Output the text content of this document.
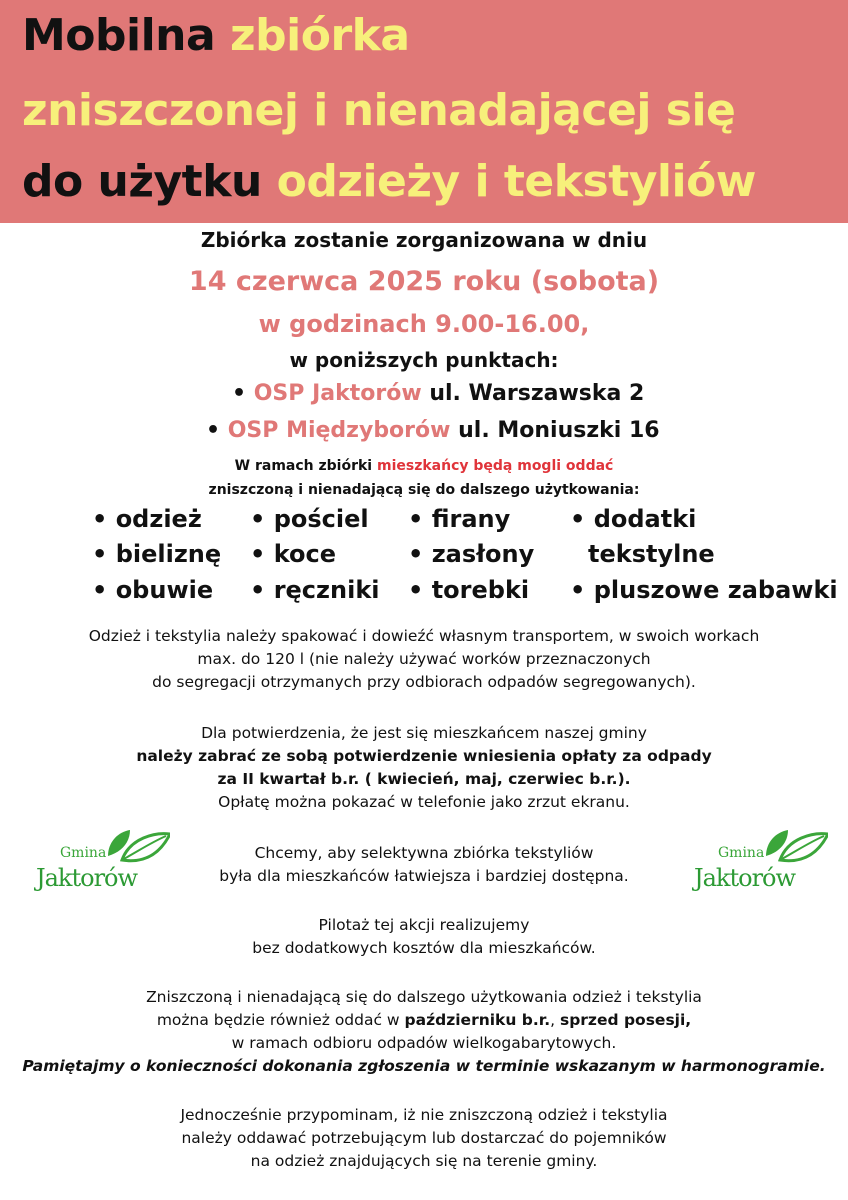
Mobilna zbiórka
zniszczonej i nienadającej się
do użytku odzieży i tekstyliów
Zbiórka zostanie zorganizowana w dniu
14 czerwca 2025 roku (sobota)
w godzinach 9.00-16.00,
w poniższych punktach:
• OSP Jaktorów ul. Warszawska 2
• OSP Międzyborów ul. Moniuszki 16
W ramach zbiórki mieszkańcy będą mogli oddać
zniszczoną i nienadającą się do dalszego użytkowania:
• odzież • pościel • firany • dodatki
tekstylne
• bieliznę • koce	• zasłony
• obuwie • ręczniki • torebki • pluszowe zabawki
Odzież i tekstylia należy spakować i dowieźć własnym transportem, w swoich workach
max. do 120 l (nie należy używać worków przeznaczonych
do segregacji otrzymanych przy odbiorach odpadów segregowanych).
Dla potwierdzenia, że jest się mieszkańcem naszej gminy
należy zabrać ze sobą potwierdzenie wniesienia opłaty za odpady
za II kwartał b.r. ( kwiecień, maj, czerwiec b.r.).
Opłatę można pokazać w telefonie jako zrzut ekranu.
Chcemy, aby selektywna zbiórka tekstyliów
była dla mieszkańców łatwiejsza i bardziej dostępna.
Pilotaż tej akcji realizujemy
bez dodatkowych kosztów dla mieszkańców.
Zniszczoną i nienadającą się do dalszego użytkowania odzież i tekstylia
można będzie również oddać w październiku b.r., sprzed posesji,
w ramach odbioru odpadów wielkogabarytowych.
Pamiętajmy o konieczności dokonania zgłoszenia w terminie wskazanym w harmonogramie.
Jednocześnie przypominam, iż nie zniszczoną odzież i tekstylia
należy oddawać potrzebującym lub dostarczać do pojemników
na odzież znajdujących się na terenie gminy.
Gmina
Jaktorów
Gmina
Jaktorów
